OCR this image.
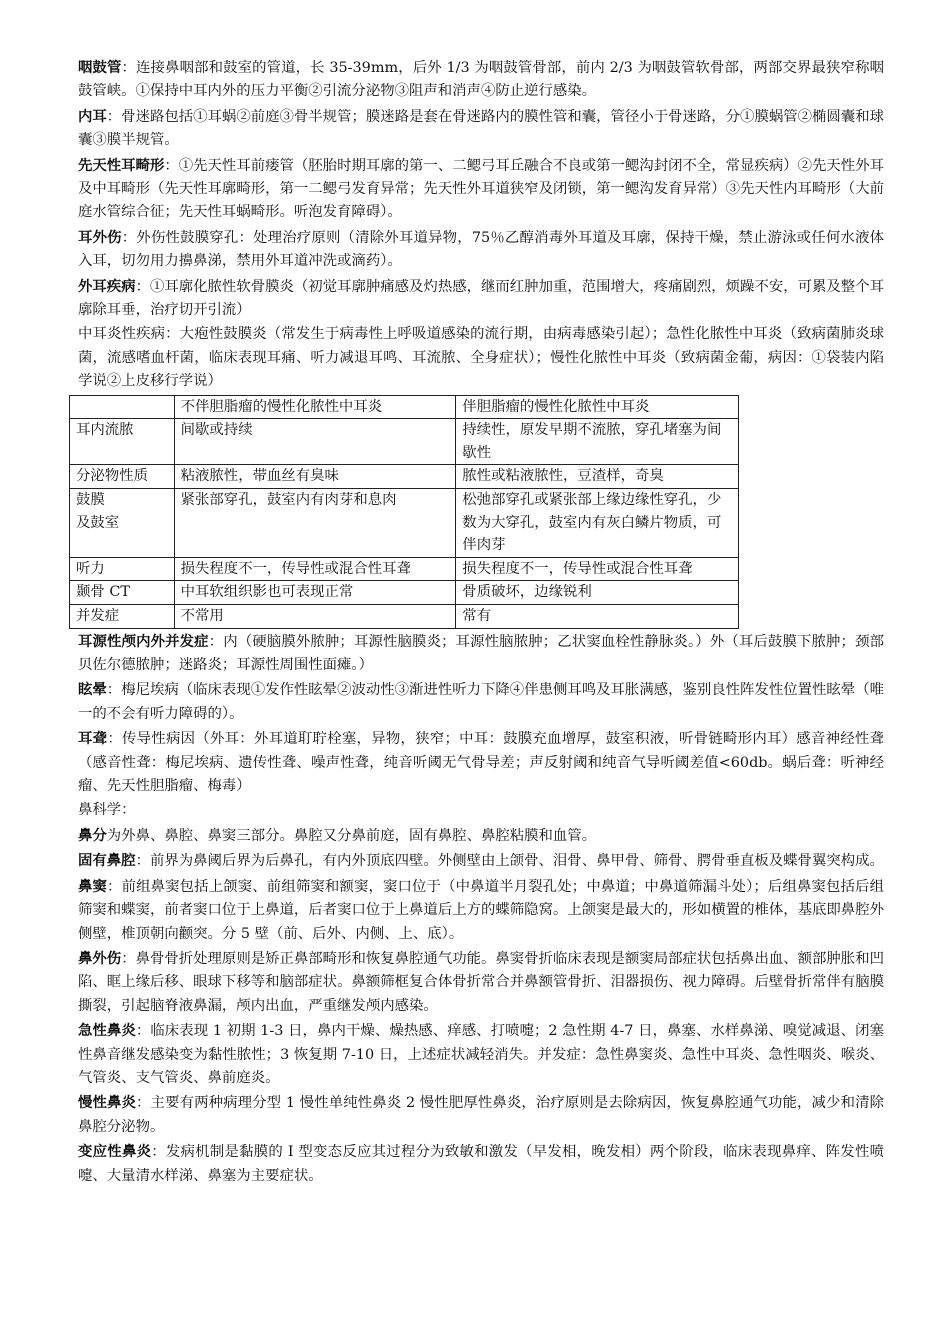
咽鼓管：连接鼻咽部和鼓室的管道，长 35-39mm，后外 1/3 为咽鼓管骨部，前内 2/3 为咽鼓管软骨部，两部交界最狭窄称咽鼓管峡。①保持中耳内外的压力平衡②引流分泌物③阻声和消声④防止逆行感染。

内耳：骨迷路包括①耳蜗②前庭③骨半规管；膜迷路是套在骨迷路内的膜性管和囊，管径小于骨迷路，分①膜蜗管②椭圆囊和球囊③膜半规管。

先天性耳畸形：①先天性耳前瘘管（胚胎时期耳廓的第一、二鳃弓耳丘融合不良或第一鳃沟封闭不全，常显疾病）②先天性外耳及中耳畸形（先天性耳廓畸形，第一二鳃弓发育异常；先天性外耳道狭窄及闭锁，第一鳃沟发育异常）③先天性内耳畸形（大前庭水管综合征；先天性耳蜗畸形。听泡发育障碍）。

耳外伤：外伤性鼓膜穿孔：处理治疗原则（清除外耳道异物，75％乙醇消毒外耳道及耳廓，保持干燥，禁止游泳或任何水液体入耳，切勿用力擤鼻涕，禁用外耳道冲洗或滴药）。

外耳疾病：①耳廓化脓性软骨膜炎（初觉耳廓肿痛感及灼热感，继而红肿加重，范围增大，疼痛剧烈，烦躁不安，可累及整个耳廓除耳垂，治疗切开引流）

中耳炎性疾病：大疱性鼓膜炎（常发生于病毒性上呼吸道感染的流行期，由病毒感染引起）；急性化脓性中耳炎（致病菌肺炎球菌，流感嗜血杆菌，临床表现耳痛、听力减退耳鸣、耳流脓、全身症状）；慢性化脓性中耳炎（致病菌金葡，病因：①袋装内陷学说②上皮移行学说）

	不伴胆脂瘤的慢性化脓性中耳炎	伴胆脂瘤的慢性化脓性中耳炎
耳内流脓	间歇或持续	持续性，原发早期不流脓，穿孔堵塞为间歇性
分泌物性质	粘液脓性，带血丝有臭味	脓性或粘液脓性，豆渣样，奇臭
鼓膜
及鼓室	紧张部穿孔，鼓室内有肉芽和息肉	松弛部穿孔或紧张部上缘边缘性穿孔，少数为大穿孔，鼓室内有灰白鳞片物质，可伴肉芽
听力	损失程度不一，传导性或混合性耳聋	损失程度不一，传导性或混合性耳聋
颞骨 CT	中耳软组织影也可表现正常	骨质破坏，边缘锐利
并发症	不常用	常有

耳源性颅内外并发症：内（硬脑膜外脓肿；耳源性脑膜炎；耳源性脑脓肿；乙状窦血栓性静脉炎。）外（耳后鼓膜下脓肿；颈部贝佐尔德脓肿；迷路炎；耳源性周围性面瘫。）

眩晕：梅尼埃病（临床表现①发作性眩晕②波动性③渐进性听力下降④伴患侧耳鸣及耳胀满感，鉴别良性阵发性位置性眩晕（唯一的不会有听力障碍的）。

耳聋：传导性病因（外耳：外耳道耵聍栓塞，异物，狭窄；中耳：鼓膜充血增厚，鼓室积液，听骨链畸形内耳）感音神经性聋（感音性聋：梅尼埃病、遗传性聋、噪声性聋，纯音听阈无气骨导差；声反射阈和纯音气导听阈差值<60db。蜗后聋：听神经瘤、先天性胆脂瘤、梅毒）

鼻科学：

鼻分为外鼻、鼻腔、鼻窦三部分。鼻腔又分鼻前庭，固有鼻腔、鼻腔粘膜和血管。

固有鼻腔：前界为鼻阈后界为后鼻孔，有内外顶底四壁。外侧壁由上颌骨、泪骨、鼻甲骨、筛骨、腭骨垂直板及蝶骨翼突构成。

鼻窦：前组鼻窦包括上颌窦、前组筛窦和额窦，窦口位于（中鼻道半月裂孔处；中鼻道；中鼻道筛漏斗处）；后组鼻窦包括后组筛窦和蝶窦，前者窦口位于上鼻道，后者窦口位于上鼻道后上方的蝶筛隐窝。上颌窦是最大的，形如横置的椎体，基底即鼻腔外侧壁，椎顶朝向颧突。分 5 壁（前、后外、内侧、上、底）。

鼻外伤：鼻骨骨折处理原则是矫正鼻部畸形和恢复鼻腔通气功能。鼻窦骨折临床表现是额窦局部症状包括鼻出血、额部肿胀和凹陷、眶上缘后移、眼球下移等和脑部症状。鼻额筛框复合体骨折常合并鼻额管骨折、泪器损伤、视力障碍。后壁骨折常伴有脑膜撕裂，引起脑脊液鼻漏，颅内出血，严重继发颅内感染。

急性鼻炎：临床表现 1 初期 1-3 日，鼻内干燥、燥热感、痒感、打喷嚏；2 急性期 4-7 日，鼻塞、水样鼻涕、嗅觉减退、闭塞性鼻音继发感染变为黏性脓性；3 恢复期 7-10 日，上述症状减轻消失。并发症：急性鼻窦炎、急性中耳炎、急性咽炎、喉炎、气管炎、支气管炎、鼻前庭炎。

慢性鼻炎：主要有两种病理分型 1 慢性单纯性鼻炎 2 慢性肥厚性鼻炎，治疗原则是去除病因，恢复鼻腔通气功能，减少和清除鼻腔分泌物。

变应性鼻炎：发病机制是黏膜的 I 型变态反应其过程分为致敏和激发（早发相，晚发相）两个阶段，临床表现鼻痒、阵发性喷嚏、大量清水样涕、鼻塞为主要症状。
